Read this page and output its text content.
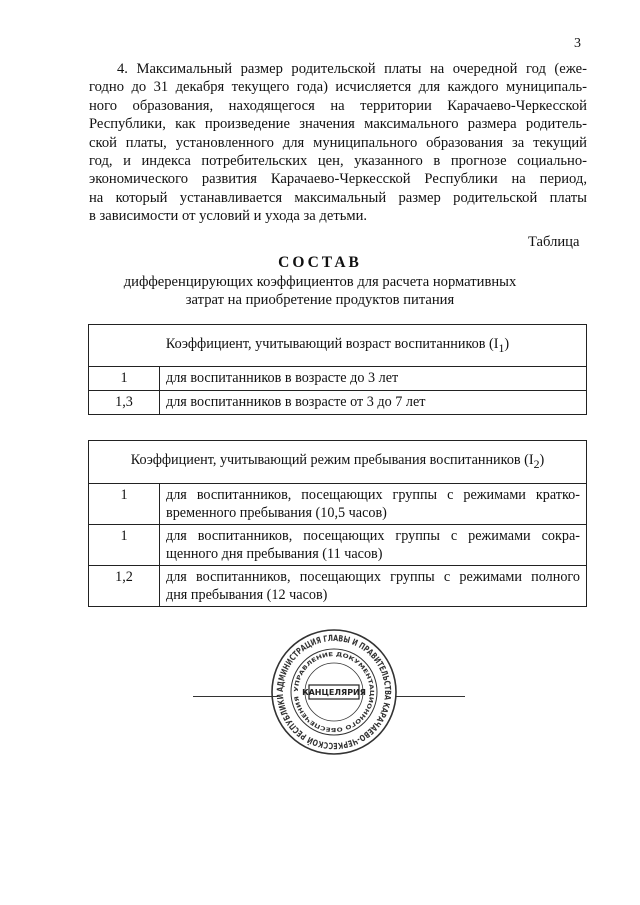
3

4. Максимальный размер родительской платы на очередной год (еже-
годно до 31 декабря текущего года) исчисляется для каждого муниципаль-
ного образования, находящегося на территории Карачаево-Черкесской
Республики, как произведение значения максимального размера родитель-
ской платы, установленного для муниципального образования за текущий
год, и индекса потребительских цен, указанного в прогнозе социально-
экономического развития Карачаево-Черкесской Республики на период,
на который устанавливается максимальный размер родительской платы
в зависимости от условий и ухода за детьми.

Таблица
СОСТАВ

дифференцирующих коэффициентов для расчета нормативных
затрат на приобретение продуктов питания

Коэффициент, учитывающий возраст воспитанников $(I_1)$	
1	для воспитанников в возрасте до 3 лет

1,3	для воспитанников в возрасте от 3 до 7 лет
Коэффициент, учитывающий режим пребывания воспитанников $(I_2)$	
1	для воспитанников, посещающих группы с режимами кратко-
временного пребывания (10,5 часов)

1	для воспитанников, посещающих группы с режимами сокра-
щенного дня пребывания (11 часов)

1,2	для воспитанников, посещающих группы с режимами полного
дня пребывания (12 часов)
АДМИНИСТРАЦИЯ ГЛАВЫ И ПРАВИТЕЛЬСТВА КАРАЧАЕВО-ЧЕРКЕССКОЙ РЕСПУБЛИКИ
УПРАВЛЕНИЕ ДОКУМЕНТАЦИОННОГО ОБЕСПЕЧЕНИЯ
КАНЦЕЛЯРИЯ
